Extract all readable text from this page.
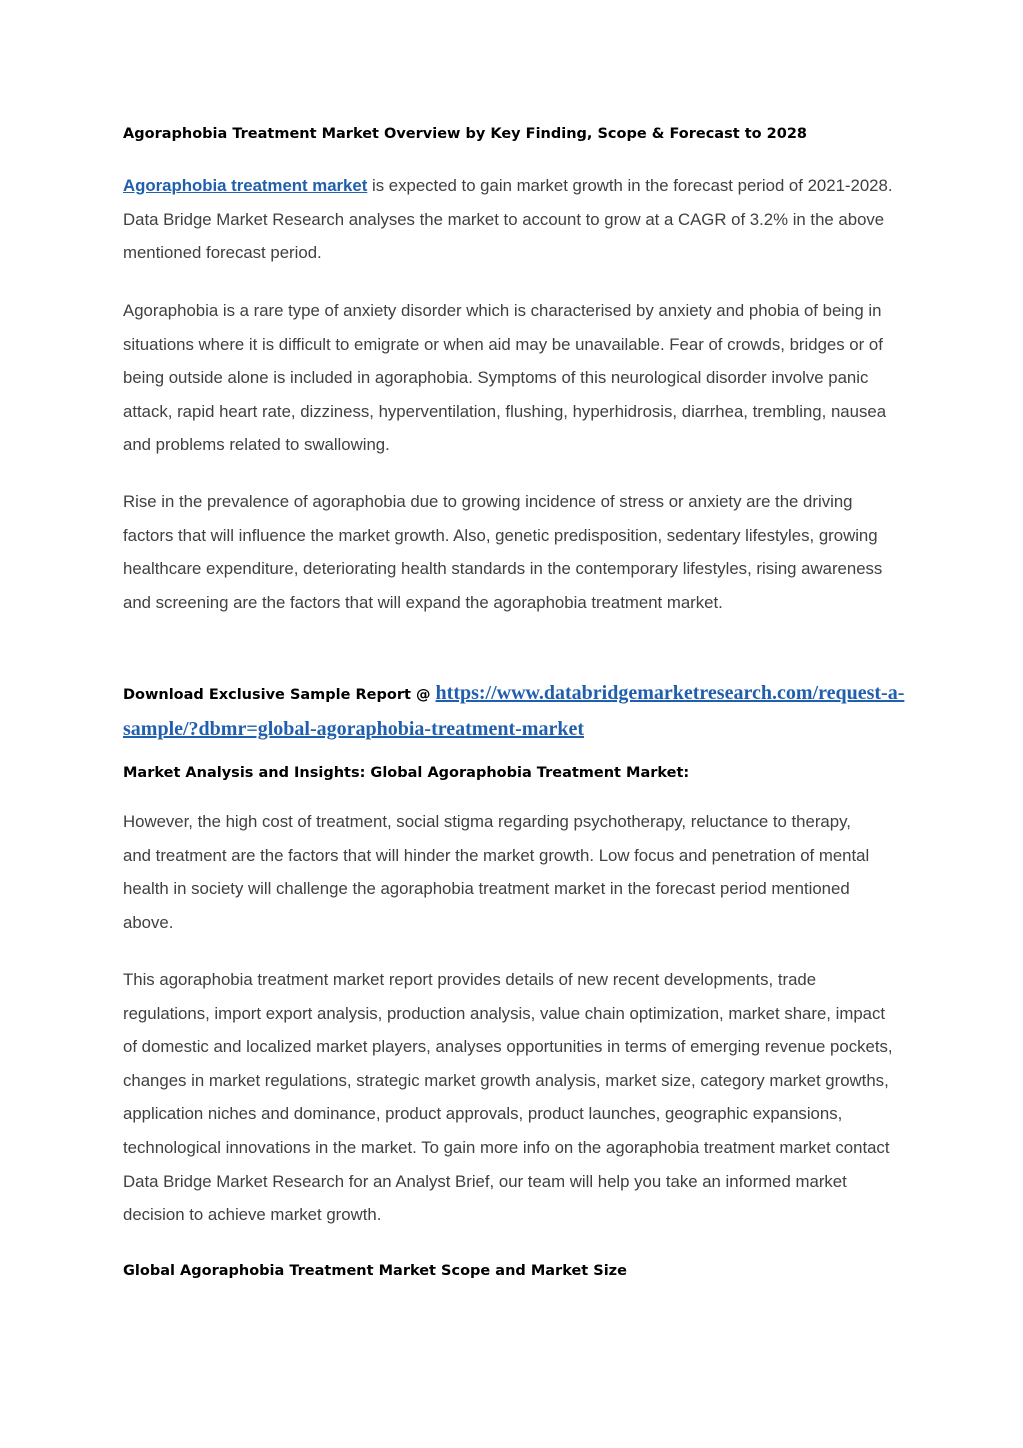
Agoraphobia Treatment Market Overview by Key Finding, Scope & Forecast to 2028

Agoraphobia treatment market is expected to gain market growth in the forecast period of 2021-2028. Data Bridge Market Research analyses the market to account to grow at a CAGR of 3.2% in the above mentioned forecast period.

Agoraphobia is a rare type of anxiety disorder which is characterised by anxiety and phobia of being in situations where it is difficult to emigrate or when aid may be unavailable. Fear of crowds, bridges or of being outside alone is included in agoraphobia. Symptoms of this neurological disorder involve panic attack, rapid heart rate, dizziness, hyperventilation, flushing, hyperhidrosis, diarrhea, trembling, nausea and problems related to swallowing.

Rise in the prevalence of agoraphobia due to growing incidence of stress or anxiety are the driving factors that will influence the market growth. Also, genetic predisposition, sedentary lifestyles, growing healthcare expenditure, deteriorating health standards in the contemporary lifestyles, rising awareness and screening are the factors that will expand the agoraphobia treatment market.

Download Exclusive Sample Report @ https://www.databridgemarketresearch.com/request-a-sample/?dbmr=global-agoraphobia-treatment-market

Market Analysis and Insights: Global Agoraphobia Treatment Market:

However, the high cost of treatment, social stigma regarding psychotherapy, reluctance to therapy, and treatment are the factors that will hinder the market growth. Low focus and penetration of mental health in society will challenge the agoraphobia treatment market in the forecast period mentioned above.

This agoraphobia treatment market report provides details of new recent developments, trade regulations, import export analysis, production analysis, value chain optimization, market share, impact of domestic and localized market players, analyses opportunities in terms of emerging revenue pockets, changes in market regulations, strategic market growth analysis, market size, category market growths, application niches and dominance, product approvals, product launches, geographic expansions, technological innovations in the market. To gain more info on the agoraphobia treatment market contact Data Bridge Market Research for an Analyst Brief, our team will help you take an informed market decision to achieve market growth.

Global Agoraphobia Treatment Market Scope and Market Size
